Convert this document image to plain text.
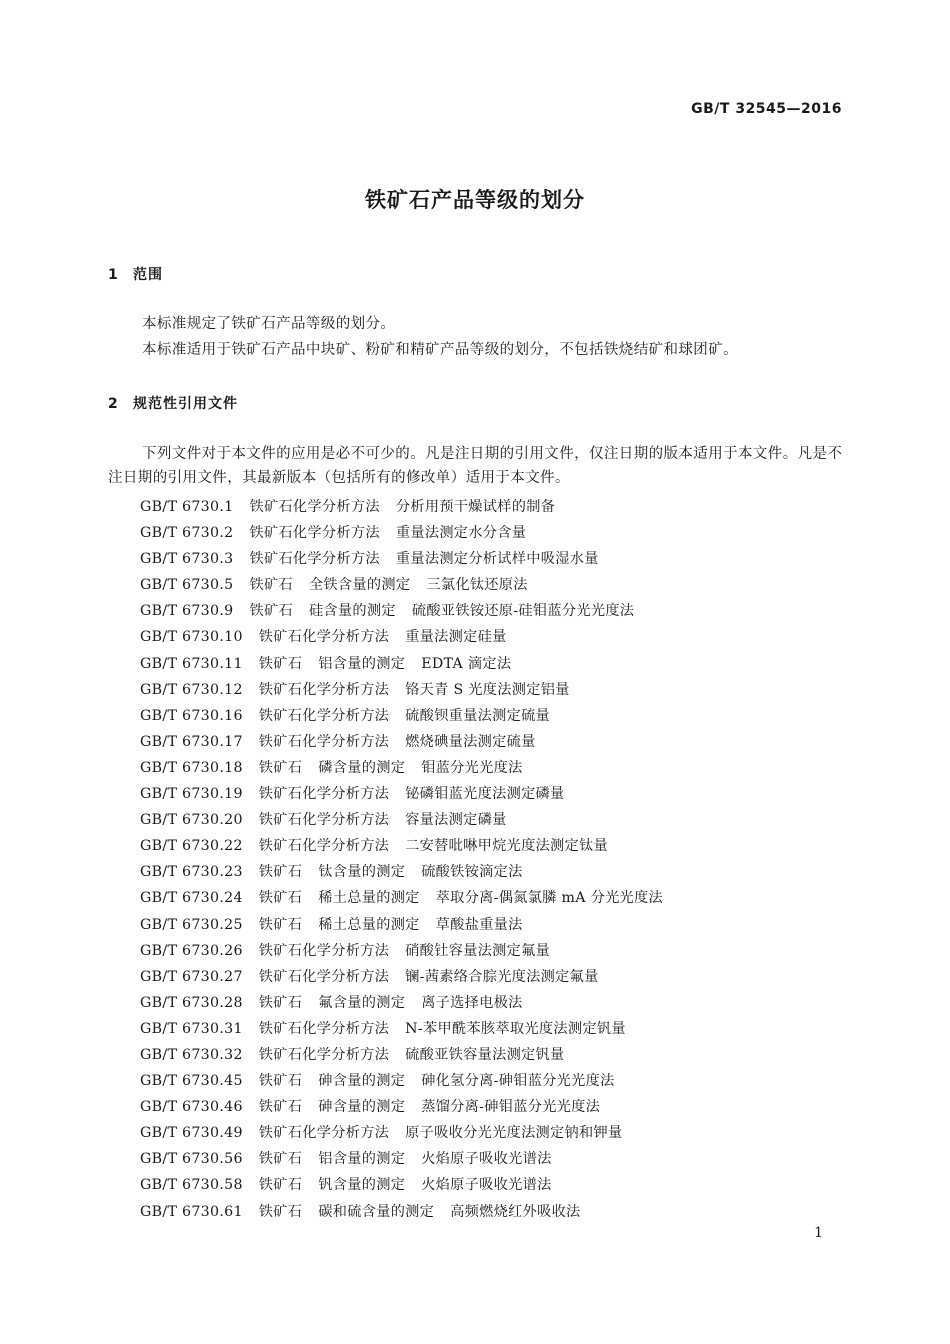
GB/T 32545—2016
铁矿石产品等级的划分
1 范围
本标准规定了铁矿石产品等级的划分。
本标准适用于铁矿石产品中块矿、粉矿和精矿产品等级的划分，不包括铁烧结矿和球团矿。
2 规范性引用文件
下列文件对于本文件的应用是必不可少的。凡是注日期的引用文件，仅注日期的版本适用于本文件。凡是不注日期的引用文件，其最新版本（包括所有的修改单）适用于本文件。
GB/T 6730.1 铁矿石化学分析方法 分析用预干燥试样的制备
GB/T 6730.2 铁矿石化学分析方法 重量法测定水分含量
GB/T 6730.3 铁矿石化学分析方法 重量法测定分析试样中吸湿水量
GB/T 6730.5 铁矿石 全铁含量的测定 三氯化钛还原法
GB/T 6730.9 铁矿石 硅含量的测定 硫酸亚铁铵还原-硅钼蓝分光光度法
GB/T 6730.10 铁矿石化学分析方法 重量法测定硅量
GB/T 6730.11 铁矿石 铝含量的测定 EDTA 滴定法
GB/T 6730.12 铁矿石化学分析方法 铬天青 S 光度法测定铝量
GB/T 6730.16 铁矿石化学分析方法 硫酸钡重量法测定硫量
GB/T 6730.17 铁矿石化学分析方法 燃烧碘量法测定硫量
GB/T 6730.18 铁矿石 磷含量的测定 钼蓝分光光度法
GB/T 6730.19 铁矿石化学分析方法 铋磷钼蓝光度法测定磷量
GB/T 6730.20 铁矿石化学分析方法 容量法测定磷量
GB/T 6730.22 铁矿石化学分析方法 二安替吡啉甲烷光度法测定钛量
GB/T 6730.23 铁矿石 钛含量的测定 硫酸铁铵滴定法
GB/T 6730.24 铁矿石 稀土总量的测定 萃取分离-偶氮氯膦 mA 分光光度法
GB/T 6730.25 铁矿石 稀土总量的测定 草酸盐重量法
GB/T 6730.26 铁矿石化学分析方法 硝酸钍容量法测定氟量
GB/T 6730.27 铁矿石化学分析方法 镧-茜素络合腙光度法测定氟量
GB/T 6730.28 铁矿石 氟含量的测定 离子选择电极法
GB/T 6730.31 铁矿石化学分析方法 N-苯甲酰苯胲萃取光度法测定钒量
GB/T 6730.32 铁矿石化学分析方法 硫酸亚铁容量法测定钒量
GB/T 6730.45 铁矿石 砷含量的测定 砷化氢分离-砷钼蓝分光光度法
GB/T 6730.46 铁矿石 砷含量的测定 蒸馏分离-砷钼蓝分光光度法
GB/T 6730.49 铁矿石化学分析方法 原子吸收分光光度法测定钠和钾量
GB/T 6730.56 铁矿石 铝含量的测定 火焰原子吸收光谱法
GB/T 6730.58 铁矿石 钒含量的测定 火焰原子吸收光谱法
GB/T 6730.61 铁矿石 碳和硫含量的测定 高频燃烧红外吸收法
1
